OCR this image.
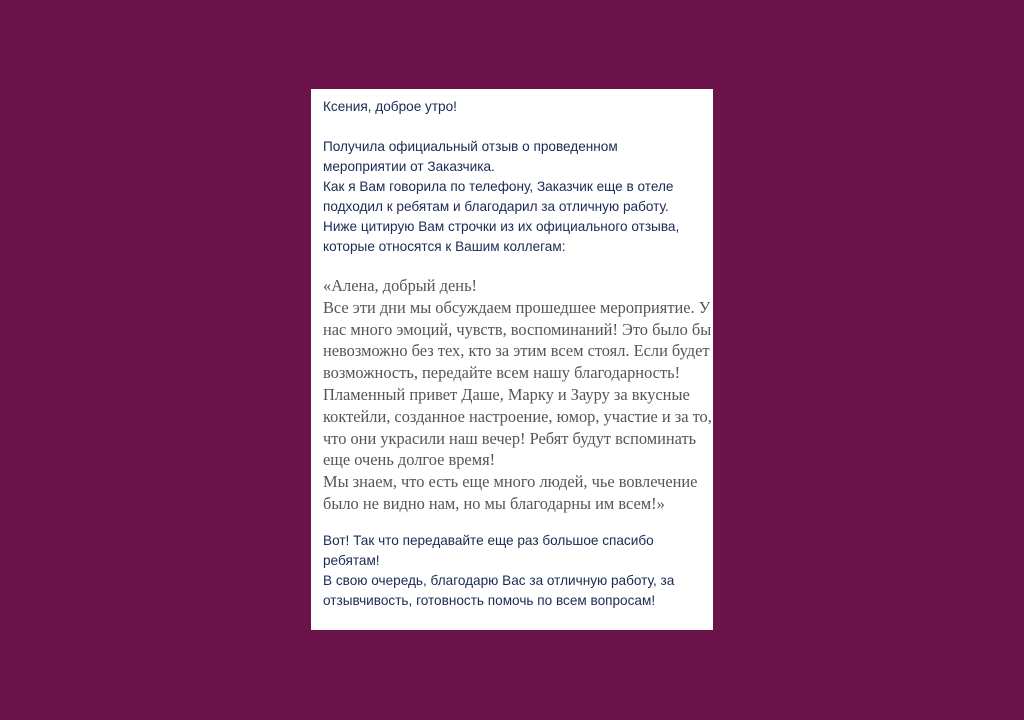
Ксения, доброе утро!

Получила официальный отзыв о проведенном
мероприятии от Заказчика.
Как я Вам говорила по телефону, Заказчик еще в отеле
подходил к ребятам и благодарил за отличную работу.
Ниже цитирую Вам строчки из их официального отзыва,
которые относятся к Вашим коллегам:

«Алена, добрый день!
Все эти дни мы обсуждаем прошедшее мероприятие. У
нас много эмоций, чувств, воспоминаний! Это было бы
невозможно без тех, кто за этим всем стоял. Если будет
возможность, передайте всем нашу благодарность!
Пламенный привет Даше, Марку и Зауру за вкусные
коктейли, созданное настроение, юмор, участие и за то,
что они украсили наш вечер! Ребят будут вспоминать
еще очень долгое время!
Мы знаем, что есть еще много людей, чье вовлечение
было не видно нам, но мы благодарны им всем!»

Вот! Так что передавайте еще раз большое спасибо
ребятам!
В свою очередь, благодарю Вас за отличную работу, за
отзывчивость, готовность помочь по всем вопросам!
